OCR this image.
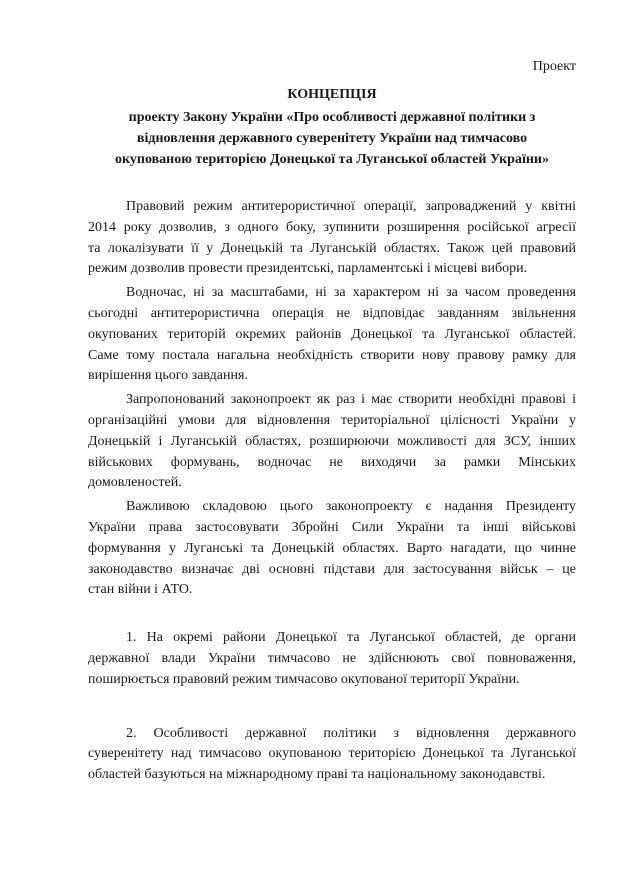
Проект
КОНЦЕПЦІЯ
проекту Закону України «Про особливості державної політики з
відновлення державного суверенітету України над тимчасово
окупованою територією Донецької та Луганської областей України»
Правовий режим антитерористичної операції, запроваджений у квітні
2014 року дозволив, з одного боку, зупинити розширення російської агресії
та локалізувати її у Донецькій та Луганській областях. Також цей правовий
режим дозволив провести президентські, парламентські і місцеві вибори.
Водночас, ні за масштабами, ні за характером ні за часом проведення
сьогодні антитерористична операція не відповідає завданням звільнення
окупованих територій окремих районів Донецької та Луганської областей.
Саме тому постала нагальна необхідність створити нову правову рамку для
вирішення цього завдання.
Запропонований законопроект як раз і має створити необхідні правові і
організаційні умови для відновлення територіальної цілісності України у
Донецькій і Луганській областях, розширюючи можливості для ЗСУ, інших
військових формувань, водночас не виходячи за рамки Мінських
домовленостей.
Важливою складовою цього законопроекту є надання Президенту
України права застосовувати Збройні Сили України та інші військові
формування у Луганські та Донецькій областях. Варто нагадати, що чинне
законодавство визначає дві основні підстави для застосування військ – це
стан війни і АТО.
1. На окремі райони Донецької та Луганської областей, де органи
державної влади України тимчасово не здійснюють свої повноваження,
поширюється правовий режим тимчасово окупованої території України.
2. Особливості державної політики з відновлення державного
суверенітету над тимчасово окупованою територією Донецької та Луганської
областей базуються на міжнародному праві та національному законодавстві.
